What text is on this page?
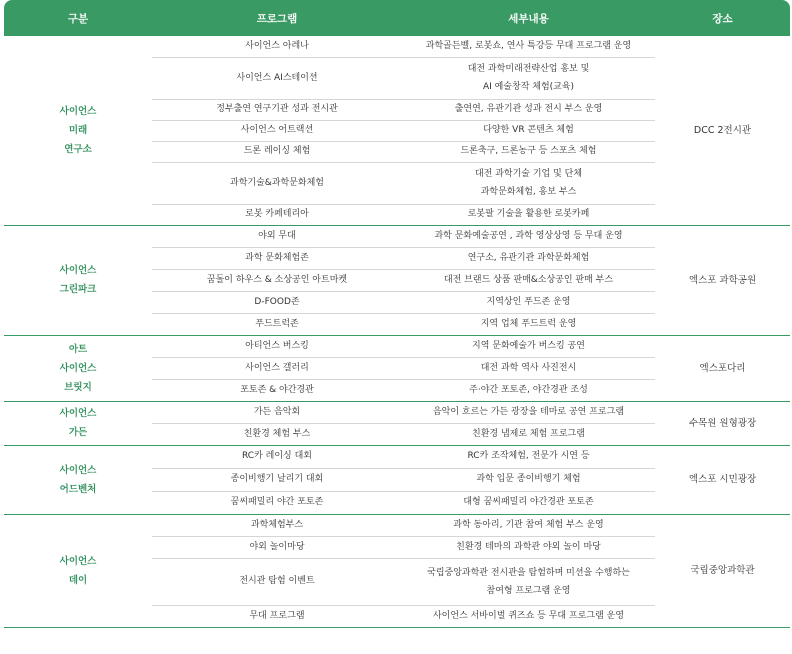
구분	프로그램	세부내용	장소

사이언스
미래
연구소	사이언스 아레나	과학골든벨, 로봇쇼, 연사 특강등 무대 프로그램 운영	DCC 2전시관
	사이언스 AI스테이션	대전 과학미래전략산업 홍보 및
AI 예술창작 체험(교육)	

	정부출연 연구기관 성과 전시관	출연연, 유관기관 성과 전시 부스 운영	

	사이언스 어트랙션	다양한 VR 콘텐츠 체험	

	드론 레이싱 체험	드론축구, 드론농구 등 스포츠 체험	

	과학기술&과학문화체험	대전 과학기술 기업 및 단체
과학문화체험, 홍보 부스	

	로봇 카페테리아	로봇팔 기술을 활용한 로봇카페	

사이언스
그린파크	야외 무대	과학 문화예술공연 , 과학 영상상영 등 무대 운영	엑스포 과학공원
	과학 문화체험존	연구소, 유관기관 과학문화체험	

	꿈돌이 하우스 & 소상공인 아트마켓	대전 브랜드 상품 판매&소상공인 판매 부스	

	D-FOOD존	지역상인 푸드존 운영	

	푸드트럭존	지역 업체 푸드트럭 운영	

아트
사이언스
브릿지	아티언스 버스킹	지역 문화예술가 버스킹 공연	엑스포다리
	사이언스 갤러리	대전 과학 역사 사진전시	

	포토존 & 야간경관	주·야간 포토존, 야간경관 조성	

사이언스
가든	가든 음악회	음악이 흐르는 가든 광장을 테마로 공연 프로그램	수목원 원형광장
	친환경 체험 부스	친환경 냅제로 체험 프로그램	

사이언스
어드벤처	RC카 레이싱 대회	RC카 조작체험, 전문가 시연 등	엑스포 시민광장
	종이비행기 날리기 대회	과학 입문 종이비행기 체험	

	꿈씨패밀리 야간 포토존	대형 꿈씨패밀리 야간경관 포토존	

사이언스
데이	과학체험부스	과학 동아리, 기관 참여 체험 부스 운영	국립중앙과학관
	야외 놀이마당	친환경 테마의 과학관 야외 놀이 마당	

	전시관 탐험 이벤트	국립중앙과학관 전시관을 탐험하며 미션을 수행하는
참여형 프로그램 운영	

	무대 프로그램	사이언스 서바이벌 퀴즈쇼 등 무대 프로그램 운영	
